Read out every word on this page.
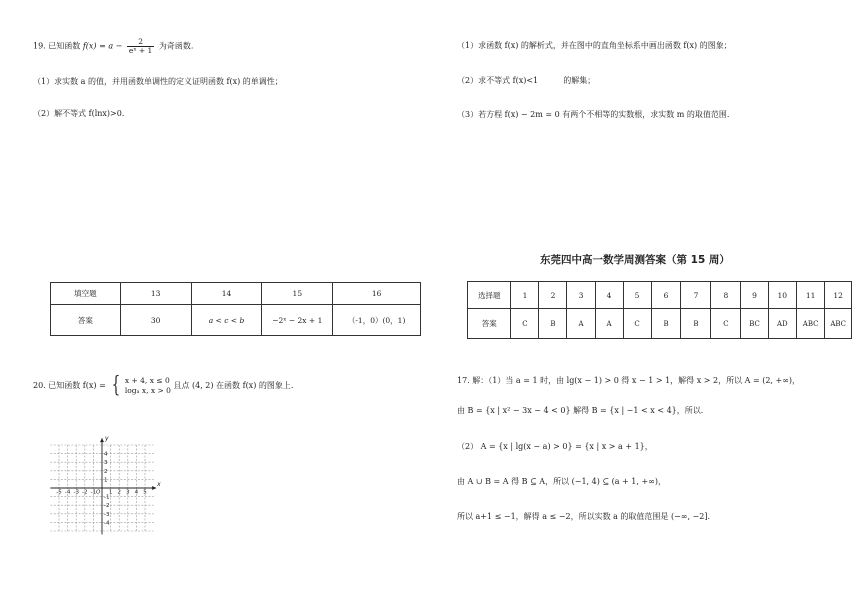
19. 已知函数 $f(x) = a - \frac{2}{\text{eˣ + 1}}$ 为奇函数.
（1）求实数 a 的值，并用函数单调性的定义证明函数 f(x) 的单调性；
（2）解不等式 f(lnx)>0.
填空题	13	14	15	16
答案	30	a < c < b	−2ˣ − 2x + 1	（-1，0）(0，1)
20. 已知函数 f(x) = { x + 4, x ≤ 0
logₐ x, x > 0
且点 (4, 2) 在函数 f(x) 的图象上.
-5 -4 -3 -2 -1 1 2 3 4 5
4
3
2
1
-1
-2
-3
-4
O
x
y
（1）求函数 f(x) 的解析式，并在图中的直角坐标系中画出函数 f(x) 的图象；
（2）求不等式 f(x)<1	的解集；
（3）若方程 f(x) − 2m = 0 有两个不相等的实数根，求实数 m 的取值范围.
东莞四中高一数学周测答案（第 15 周）
选择题	1	2	3	4	5	6	7	8	9	10	11	12
答案	C	B	A	A	C	B	B	C	BC	AD	ABC	ABC
17. 解：（1）当 a = 1 时，由 lg(x − 1) > 0 得 x − 1 > 1，解得 x > 2，所以 A = (2, +∞)，
由 B = {x | x² − 3x − 4 < 0} 解得 B = {x | −1 < x < 4}，所以.
（2） A = {x | lg(x − a) > 0} = {x | x > a + 1}，
由 A ∪ B = A 得 B ⊆ A，所以 (−1, 4) ⊆ (a + 1, +∞)，
所以 a+1 ≤ −1，解得 a ≤ −2，所以实数 a 的取值范围是 (−∞, −2].
